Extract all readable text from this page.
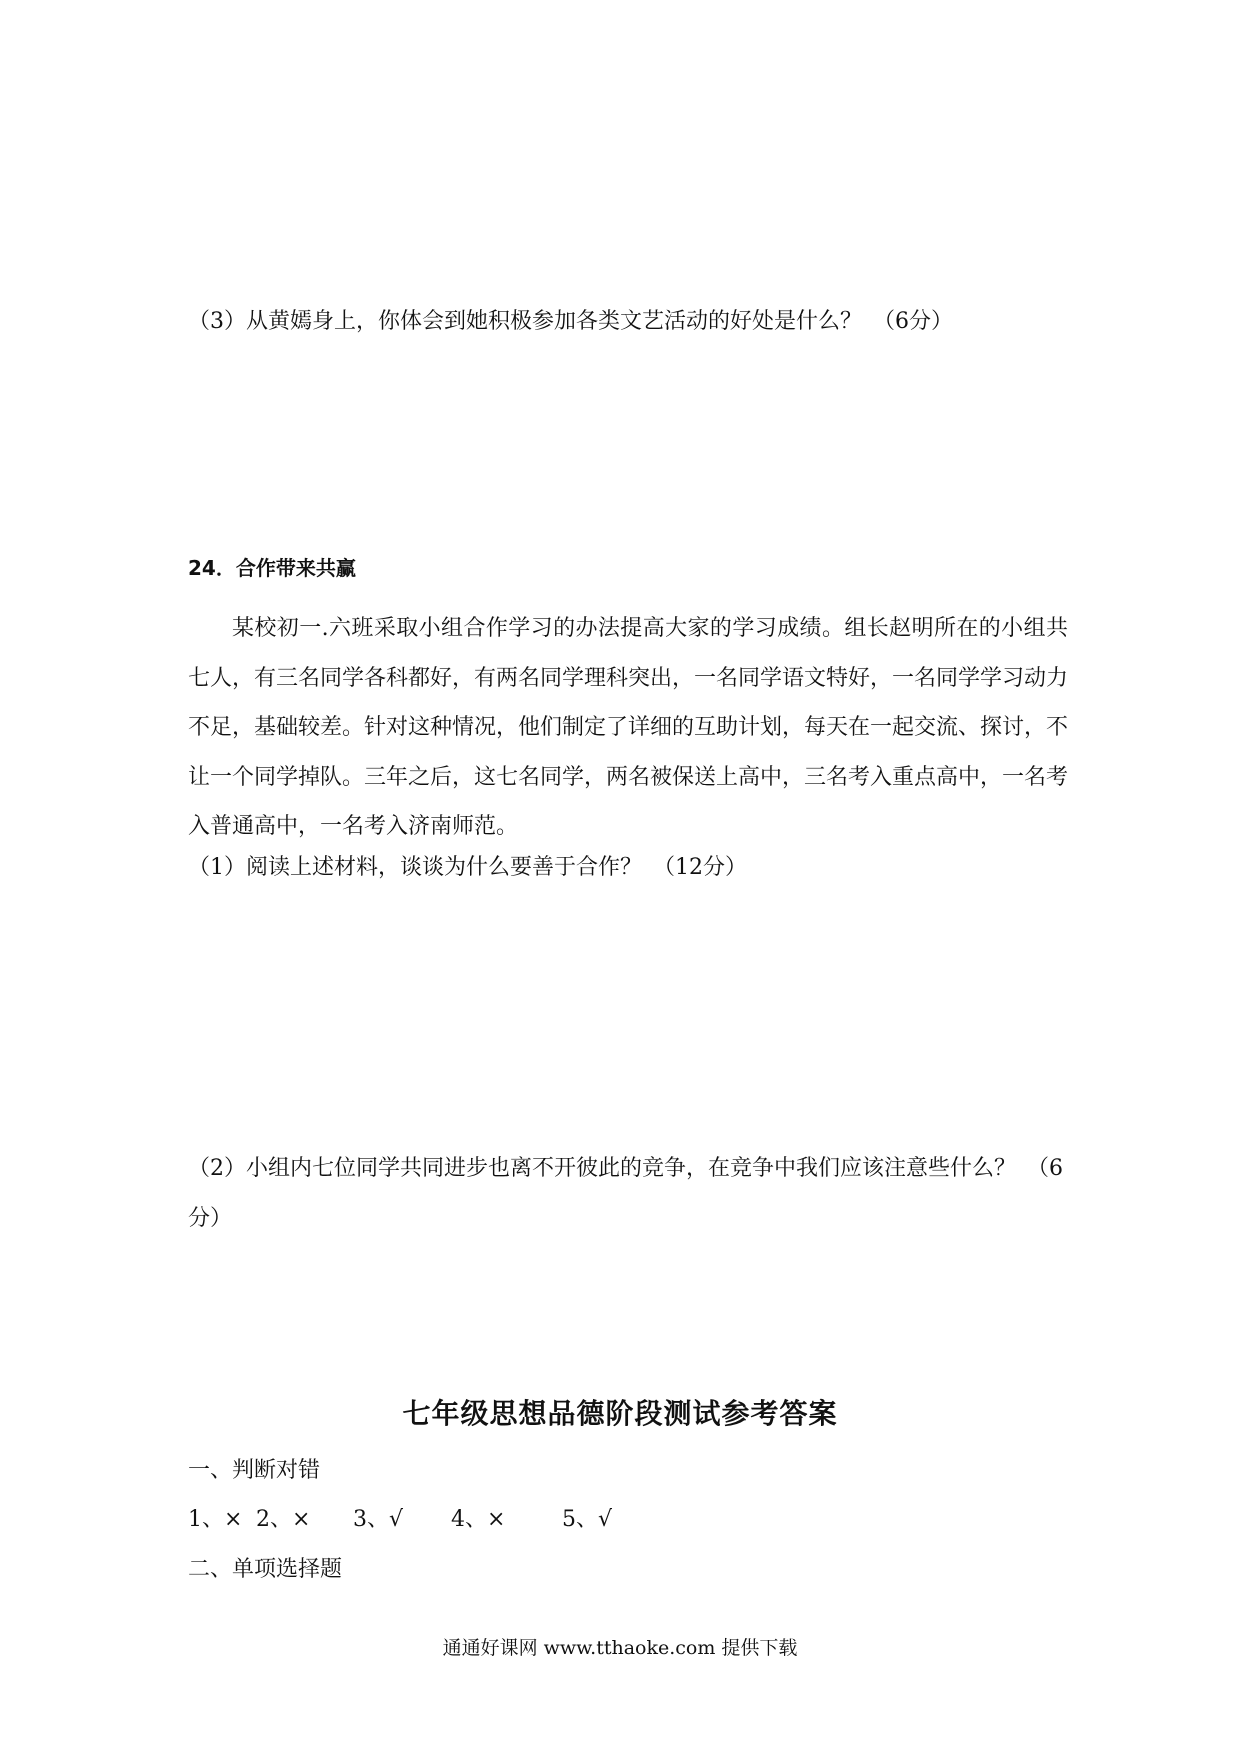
（3）从黄嫣身上，你体会到她积极参加各类文艺活动的好处是什么？　（6分）
24．合作带来共赢

某校初一.六班采取小组合作学习的办法提高大家的学习成绩。组长赵明所在的小组共七人，有三名同学各科都好，有两名同学理科突出，一名同学语文特好，一名同学学习动力不足，基础较差。针对这种情况，他们制定了详细的互助计划，每天在一起交流、探讨，不让一个同学掉队。三年之后，这七名同学，两名被保送上高中，三名考入重点高中，一名考入普通高中，一名考入济南师范。

（1）阅读上述材料，谈谈为什么要善于合作？　（12分）

（2）小组内七位同学共同进步也离不开彼此的竞争，在竞争中我们应该注意些什么？　（6分）

七年级思想品德阶段测试参考答案
一、判断对错
1、× 2、× 3、√ 4、×	5、√
二、单项选择题
通通好课网 www.tthaoke.com 提供下载
